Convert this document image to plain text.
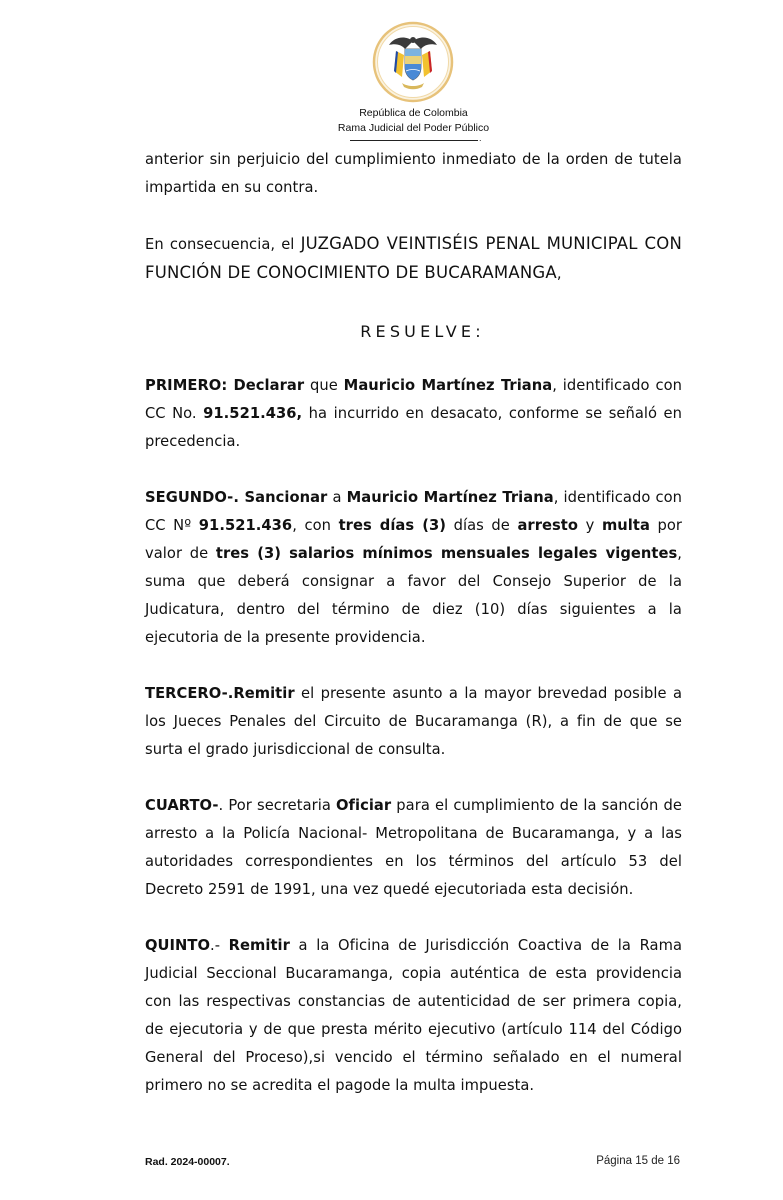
República de Colombia
Rama Judicial del Poder Público
.

anterior sin perjuicio del cumplimiento inmediato de la orden de tutela impartida en su contra.

En consecuencia, el JUZGADO VEINTISÉIS PENAL MUNICIPAL CON FUNCIÓN DE CONOCIMIENTO DE BUCARAMANGA,

RESUELVE:

PRIMERO: Declarar que Mauricio Martínez Triana, identificado con CC No. 91.521.436, ha incurrido en desacato, conforme se señaló en precedencia.

SEGUNDO-. Sancionar a Mauricio Martínez Triana, identificado con CC Nº 91.521.436, con tres días (3) días de arresto y multa por valor de tres (3) salarios mínimos mensuales legales vigentes, suma que deberá consignar a favor del Consejo Superior de la Judicatura, dentro del término de diez (10) días siguientes a la ejecutoria de la presente providencia.

TERCERO-.Remitir el presente asunto a la mayor brevedad posible a los Jueces Penales del Circuito de Bucaramanga (R), a fin de que se surta el grado jurisdiccional de consulta.

CUARTO-. Por secretaria Oficiar para el cumplimiento de la sanción de arresto a la Policía Nacional- Metropolitana de Bucaramanga, y a las autoridades correspondientes en los términos del artículo 53 del Decreto 2591 de 1991, una vez quedé ejecutoriada esta decisión.

QUINTO.- Remitir a la Oficina de Jurisdicción Coactiva de la Rama Judicial Seccional Bucaramanga, copia auténtica de esta providencia con las respectivas constancias de autenticidad de ser primera copia, de ejecutoria y de que presta mérito ejecutivo (artículo 114 del Código General del Proceso),si vencido el término señalado en el numeral primero no se acredita el pagode la multa impuesta.

Rad. 2024-00007.	Página 15 de 16
